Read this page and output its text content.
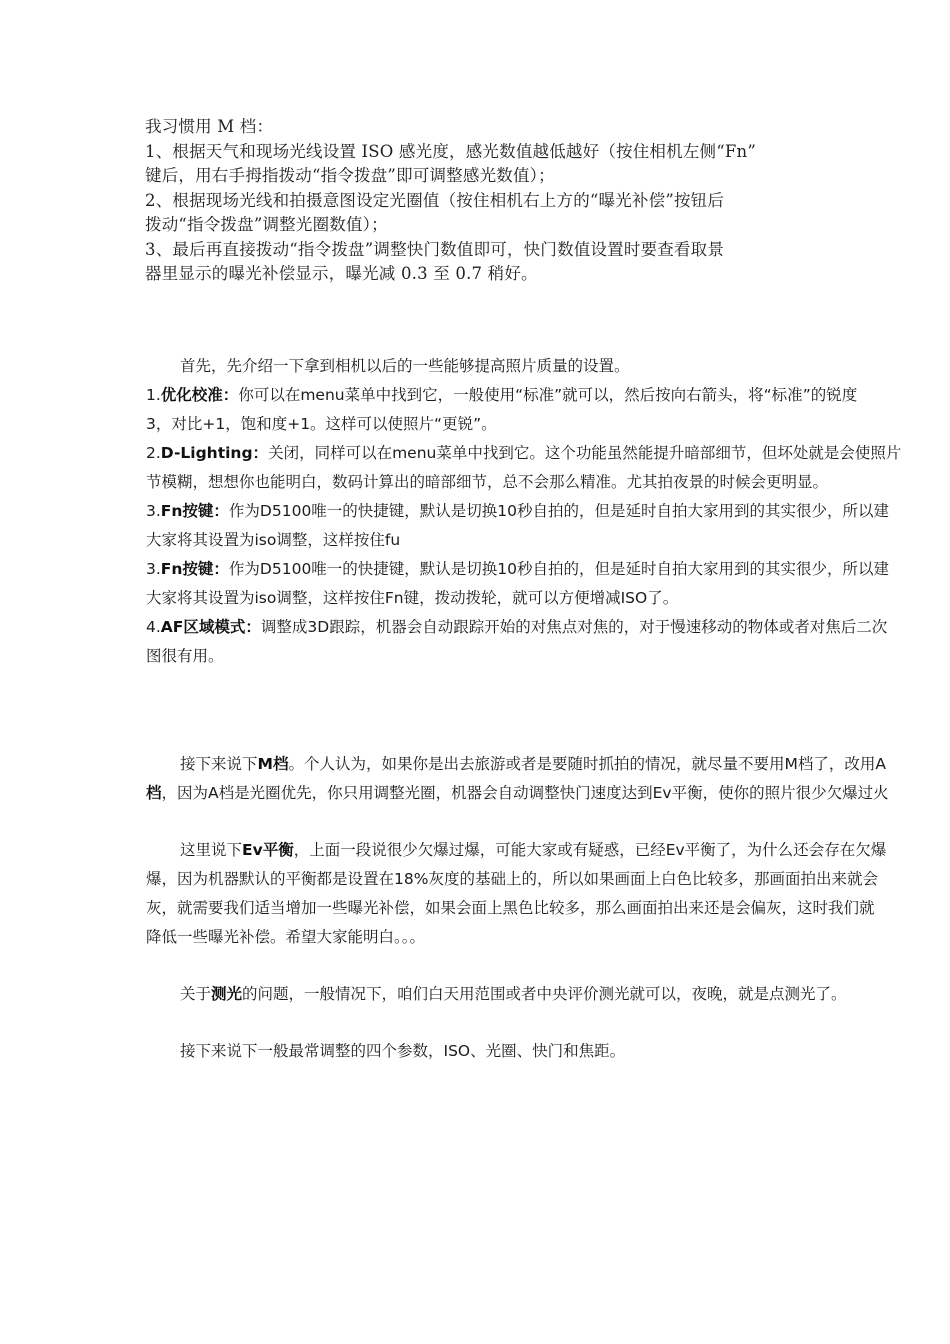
我习惯用 M 档：

1、根据天气和现场光线设置 ISO 感光度，感光数值越低越好（按住相机左侧“Fn”

键后，用右手拇指拨动“指令拨盘”即可调整感光数值）；

2、根据现场光线和拍摄意图设定光圈值（按住相机右上方的“曝光补偿”按钮后

拨动“指令拨盘”调整光圈数值）；

3、最后再直接拨动“指令拨盘”调整快门数值即可，快门数值设置时要查看取景

器里显示的曝光补偿显示，曝光减 0.3 至 0.7 稍好。

首先，先介绍一下拿到相机以后的一些能够提高照片质量的设置。

1.优化校准：你可以在menu菜单中找到它，一般使用“标准”就可以，然后按向右箭头，将“标准”的锐度

3，对比+1，饱和度+1。这样可以使照片“更锐”。

2.D-Lighting：关闭，同样可以在menu菜单中找到它。这个功能虽然能提升暗部细节，但坏处就是会使照片

节模糊，想想你也能明白，数码计算出的暗部细节，总不会那么精准。尤其拍夜景的时候会更明显。

3.Fn按键：作为D5100唯一的快捷键，默认是切换10秒自拍的，但是延时自拍大家用到的其实很少，所以建

大家将其设置为iso调整，这样按住fu

3.Fn按键：作为D5100唯一的快捷键，默认是切换10秒自拍的，但是延时自拍大家用到的其实很少，所以建

大家将其设置为iso调整，这样按住Fn键，拨动拨轮，就可以方便增减ISO了。

4.AF区域模式：调整成3D跟踪，机器会自动跟踪开始的对焦点对焦的，对于慢速移动的物体或者对焦后二次

图很有用。

接下来说下M档。个人认为，如果你是出去旅游或者是要随时抓拍的情况，就尽量不要用M档了，改用A

档，因为A档是光圈优先，你只用调整光圈，机器会自动调整快门速度达到Ev平衡，使你的照片很少欠爆过火

这里说下Ev平衡，上面一段说很少欠爆过爆，可能大家或有疑惑，已经Ev平衡了，为什么还会存在欠爆

爆，因为机器默认的平衡都是设置在18%灰度的基础上的，所以如果画面上白色比较多，那画面拍出来就会

灰，就需要我们适当增加一些曝光补偿，如果会面上黑色比较多，那么画面拍出来还是会偏灰，这时我们就

降低一些曝光补偿。希望大家能明白。。。

关于测光的问题，一般情况下，咱们白天用范围或者中央评价测光就可以，夜晚，就是点测光了。

接下来说下一般最常调整的四个参数，ISO、光圈、快门和焦距。
